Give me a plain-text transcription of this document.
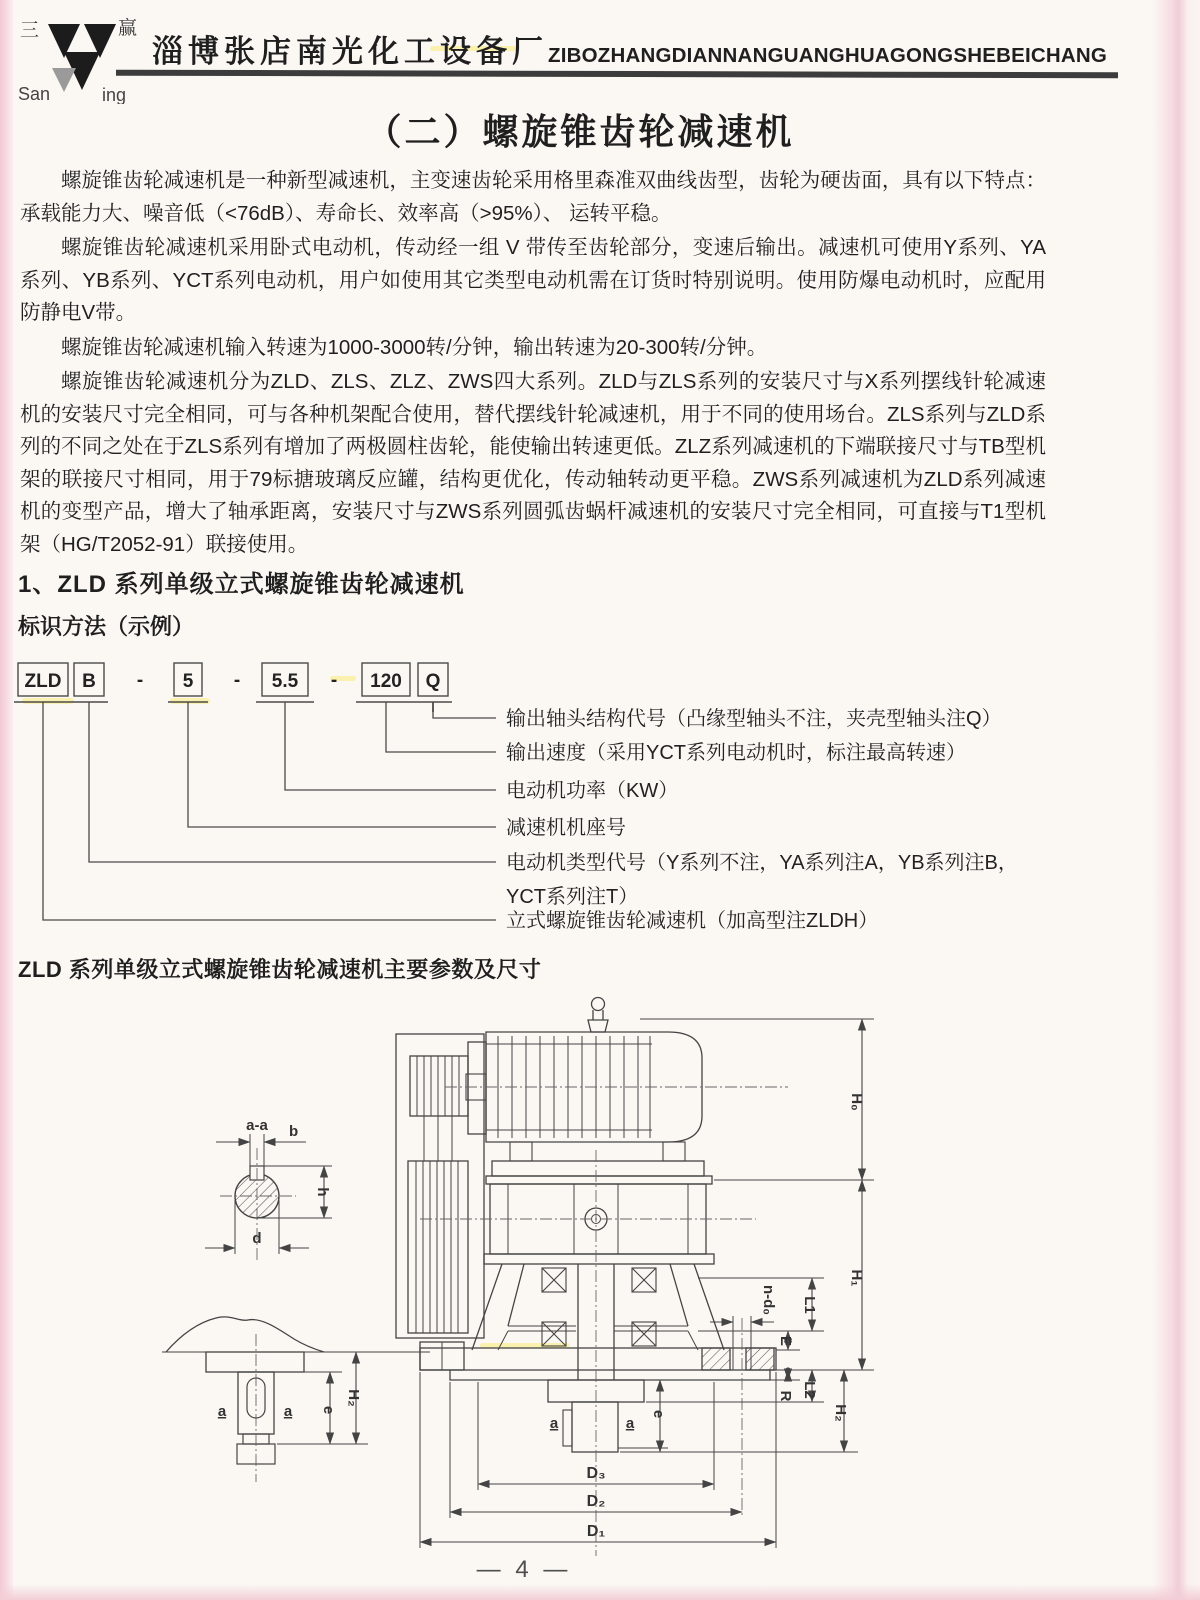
三	赢
San	ing
淄博张店南光化工设备厂 ZIBOZHANGDIANNANGUANGHUAGONGSHEBEICHANG
（二）螺旋锥齿轮减速机

螺旋锥齿轮减速机是一种新型减速机，主变速齿轮采用格里森准双曲线齿型，齿轮为硬齿面，具有以下特点：承载能力大、噪音低（<76dB）、寿命长、效率高（>95%）、 运转平稳。

螺旋锥齿轮减速机采用卧式电动机，传动经一组 V 带传至齿轮部分，变速后输出。减速机可使用Y系列、YA系列、YB系列、YCT系列电动机，用户如使用其它类型电动机需在订货时特别说明。使用防爆电动机时，应配用防静电V带。

螺旋锥齿轮减速机输入转速为1000-3000转/分钟，输出转速为20-300转/分钟。

螺旋锥齿轮减速机分为ZLD、ZLS、ZLZ、ZWS四大系列。ZLD与ZLS系列的安装尺寸与X系列摆线针轮减速机的安装尺寸完全相同，可与各种机架配合使用，替代摆线针轮减速机，用于不同的使用场台。ZLS系列与ZLD系列的不同之处在于ZLS系列有增加了两极圆柱齿轮，能使输出转速更低。ZLZ系列减速机的下端联接尺寸与TB型机架的联接尺寸相同，用于79标搪玻璃反应罐，结构更优化，传动轴转动更平稳。ZWS系列减速机为ZLD系列减速机的变型产品，增大了轴承距离，安装尺寸与ZWS系列圆弧齿蜗杆减速机的安装尺寸完全相同，可直接与T1型机架（HG/T2052-91）联接使用。

1、ZLD 系列单级立式螺旋锥齿轮减速机
标识方法（示例）
ZLD B	5	5.5	120 Q
-	-	-
输出轴头结构代号（凸缘型轴头不注，夹壳型轴头注Q）
输出速度（采用YCT系列电动机时，标注最高转速）
电动机功率（KW）
减速机机座号
电动机类型代号（Y系列不注，YA系列注A，YB系列注B，
YCT系列注T）
立式螺旋锥齿轮减速机（加高型注ZLDH）
ZLD 系列单级立式螺旋锥齿轮减速机主要参数及尺寸
a-a b
h
d
a	a e
H₂
H₀
H₁
H₂
L1
E
R L2
n-d₀
e
a	a
D₃
D₂
D₁
— 4 —
